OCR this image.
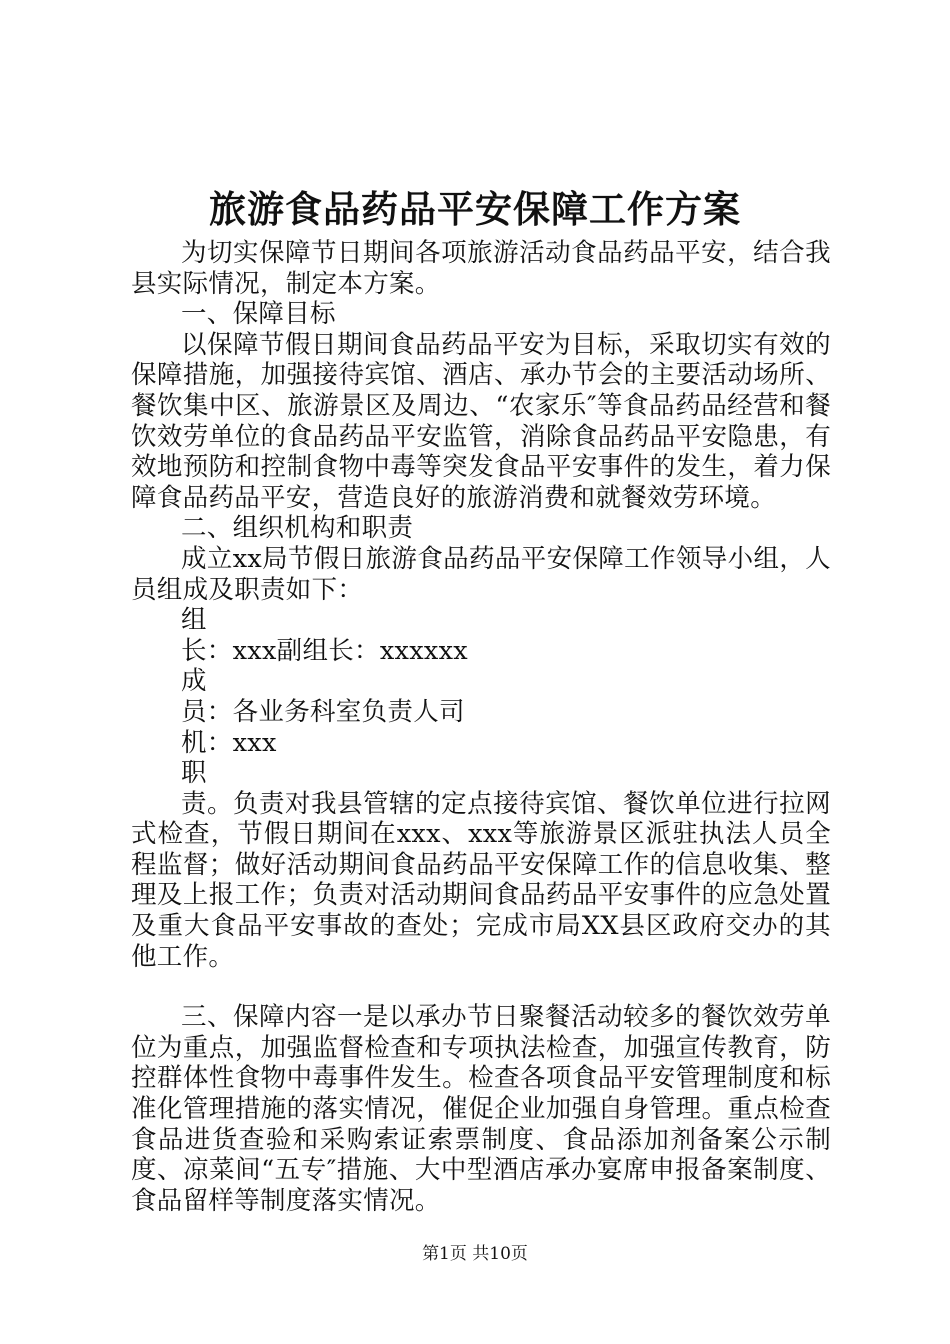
旅游食品药品平安保障工作方案

为切实保障节日期间各项旅游活动食品药品平安，结合我县实际情况，制定本方案。

一、保障目标

以保障节假日期间食品药品平安为目标，采取切实有效的保障措施，加强接待宾馆、酒店、承办节会的主要活动场所、餐饮集中区、旅游景区及周边、“农家乐″等食品药品经营和餐饮效劳单位的食品药品平安监管，消除食品药品平安隐患，有效地预防和控制食物中毒等突发食品平安事件的发生，着力保障食品药品平安，营造良好的旅游消费和就餐效劳环境。

二、组织机构和职责

成立xx局节假日旅游食品药品平安保障工作领导小组，人员组成及职责如下：

组

长：xxx副组长：xxxxxx

成

员：各业务科室负责人司

机：xxx

职

责。负责对我县管辖的定点接待宾馆、餐饮单位进行拉网式检查，节假日期间在xxx、xxx等旅游景区派驻执法人员全程监督；做好活动期间食品药品平安保障工作的信息收集、整理及上报工作；负责对活动期间食品药品平安事件的应急处置及重大食品平安事故的查处；完成市局XX县区政府交办的其他工作。

三、保障内容一是以承办节日聚餐活动较多的餐饮效劳单位为重点，加强监督检查和专项执法检查，加强宣传教育，防控群体性食物中毒事件发生。检查各项食品平安管理制度和标准化管理措施的落实情况，催促企业加强自身管理。重点检查食品进货查验和采购索证索票制度、食品添加剂备案公示制度、凉菜间“五专″措施、大中型酒店承办宴席申报备案制度、食品留样等制度落实情况。

第1页 共10页
